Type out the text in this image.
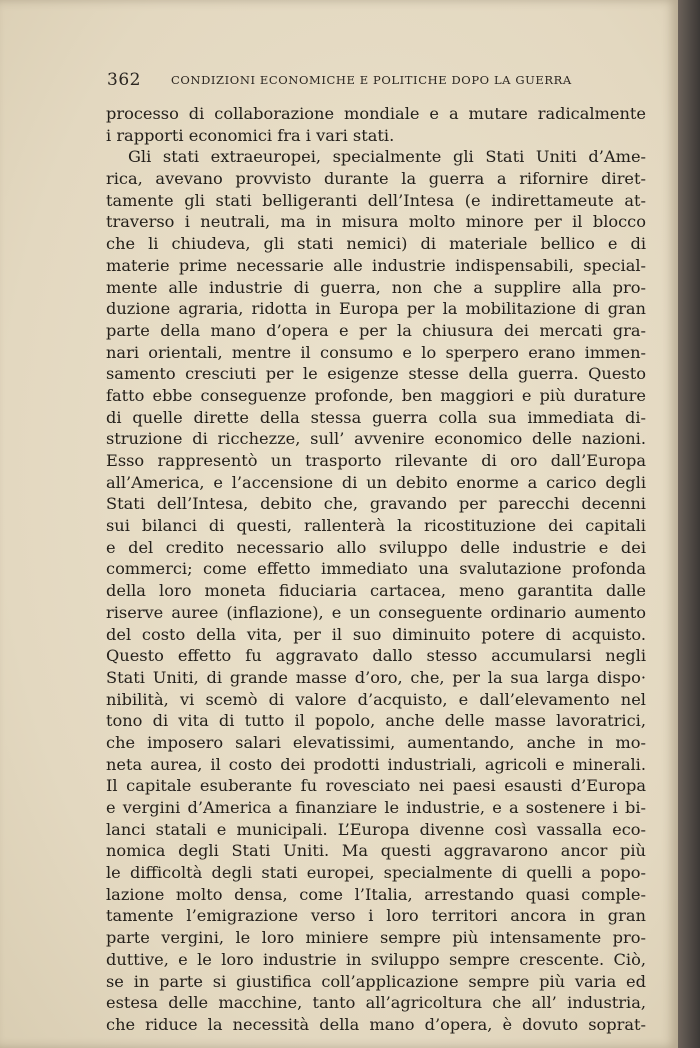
362	CONDIZIONI ECONOMICHE E POLITICHE DOPO LA GUERRA
processo di collaborazione mondiale e a mutare radicalmente
i rapporti economici fra i vari stati.
Gli stati extraeuropei, specialmente gli Stati Uniti d’Ame-
rica, avevano provvisto durante la guerra a rifornire diret-
tamente gli stati belligeranti dell’Intesa (e indirettameute at-
traverso i neutrali, ma in misura molto minore per il blocco
che li chiudeva, gli stati nemici) di materiale bellico e di
materie prime necessarie alle industrie indispensabili, special-
mente alle industrie di guerra, non che a supplire alla pro-
duzione agraria, ridotta in Europa per la mobilitazione di gran
parte della mano d’opera e per la chiusura dei mercati gra-
nari orientali, mentre il consumo e lo sperpero erano immen-
samento cresciuti per le esigenze stesse della guerra. Questo
fatto ebbe conseguenze profonde, ben maggiori e più durature
di quelle dirette della stessa guerra colla sua immediata di-
struzione di ricchezze, sull’ avvenire economico delle nazioni.
Esso rappresentò un trasporto rilevante di oro dall’Europa
all’America, e l’accensione di un debito enorme a carico degli
Stati dell’Intesa, debito che, gravando per parecchi decenni
sui bilanci di questi, rallenterà la ricostituzione dei capitali
e del credito necessario allo sviluppo delle industrie e dei
commerci; come effetto immediato una svalutazione profonda
della loro moneta fiduciaria cartacea, meno garantita dalle
riserve auree (inflazione), e un conseguente ordinario aumento
del costo della vita, per il suo diminuito potere di acquisto.
Questo effetto fu aggravato dallo stesso accumularsi negli
Stati Uniti, di grande masse d’oro, che, per la sua larga dispo·
nibilità, vi scemò di valore d’acquisto, e dall’elevamento nel
tono di vita di tutto il popolo, anche delle masse lavoratrici,
che imposero salari elevatissimi, aumentando, anche in mo-
neta aurea, il costo dei prodotti industriali, agricoli e minerali.
Il capitale esuberante fu rovesciato nei paesi esausti d’Europa
e vergini d’America a finanziare le industrie, e a sostenere i bi-
lanci statali e municipali. L’Europa divenne così vassalla eco-
nomica degli Stati Uniti. Ma questi aggravarono ancor più
le difficoltà degli stati europei, specialmente di quelli a popo-
lazione molto densa, come l’Italia, arrestando quasi comple-
tamente l’emigrazione verso i loro territori ancora in gran
parte vergini, le loro miniere sempre più intensamente pro-
duttive, e le loro industrie in sviluppo sempre crescente. Ciò,
se in parte si giustifica coll’applicazione sempre più varia ed
estesa delle macchine, tanto all’agricoltura che all’ industria,
che riduce la necessità della mano d’opera, è dovuto soprat-
